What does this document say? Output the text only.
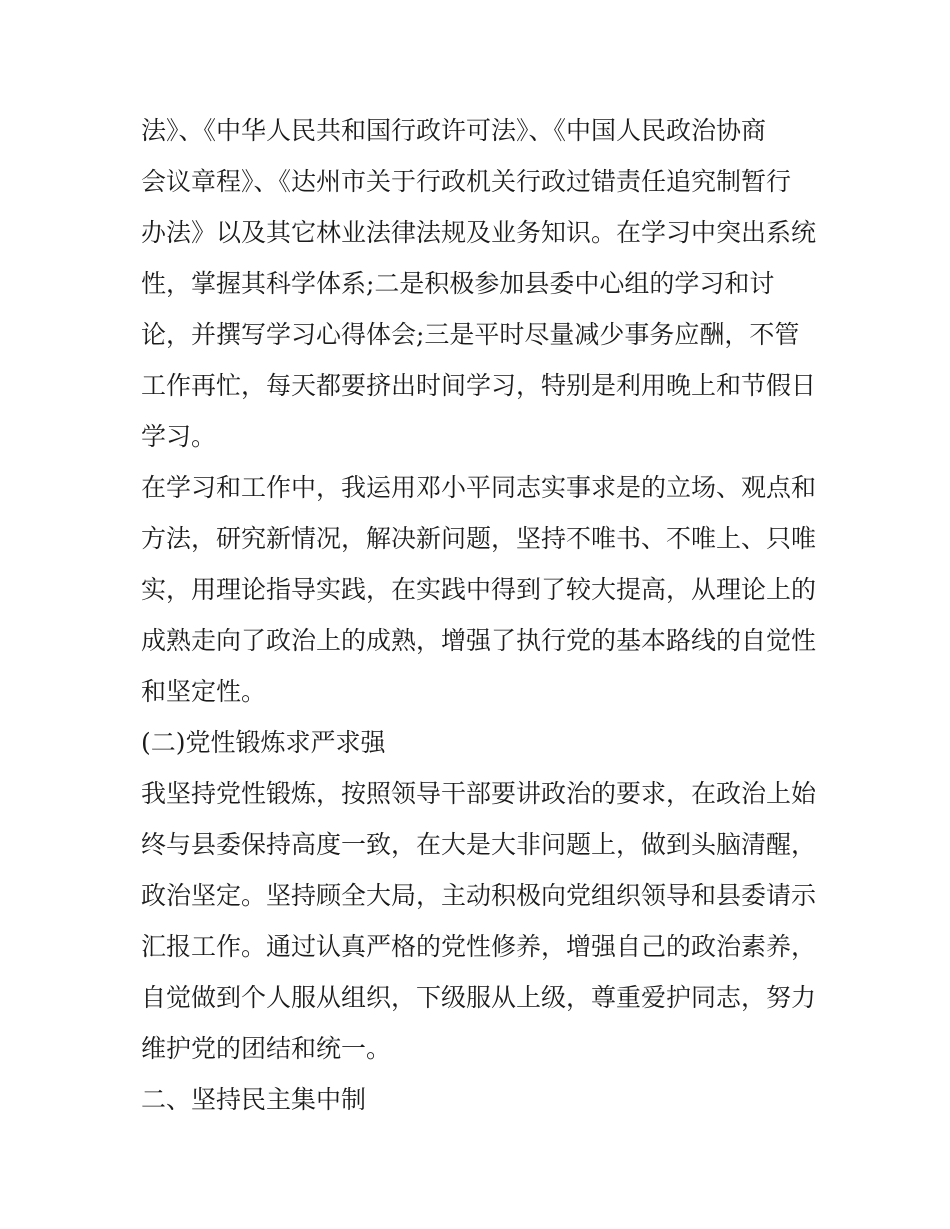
法》、《中华人民共和国行政许可法》、《中国人民政治协商
会议章程》、《达州市关于行政机关行政过错责任追究制暂行
办法》以及其它林业法律法规及业务知识。在学习中突出系统
性，掌握其科学体系;二是积极参加县委中心组的学习和讨
论，并撰写学习心得体会;三是平时尽量减少事务应酬，不管
工作再忙，每天都要挤出时间学习，特别是利用晚上和节假日
学习。
在学习和工作中，我运用邓小平同志实事求是的立场、观点和
方法，研究新情况，解决新问题，坚持不唯书、不唯上、只唯
实，用理论指导实践，在实践中得到了较大提高，从理论上的
成熟走向了政治上的成熟，增强了执行党的基本路线的自觉性
和坚定性。
(二)党性锻炼求严求强
我坚持党性锻炼，按照领导干部要讲政治的要求，在政治上始
终与县委保持高度一致，在大是大非问题上，做到头脑清醒，
政治坚定。坚持顾全大局，主动积极向党组织领导和县委请示
汇报工作。通过认真严格的党性修养，增强自己的政治素养，
自觉做到个人服从组织，下级服从上级，尊重爱护同志，努力
维护党的团结和统一。
二、坚持民主集中制
